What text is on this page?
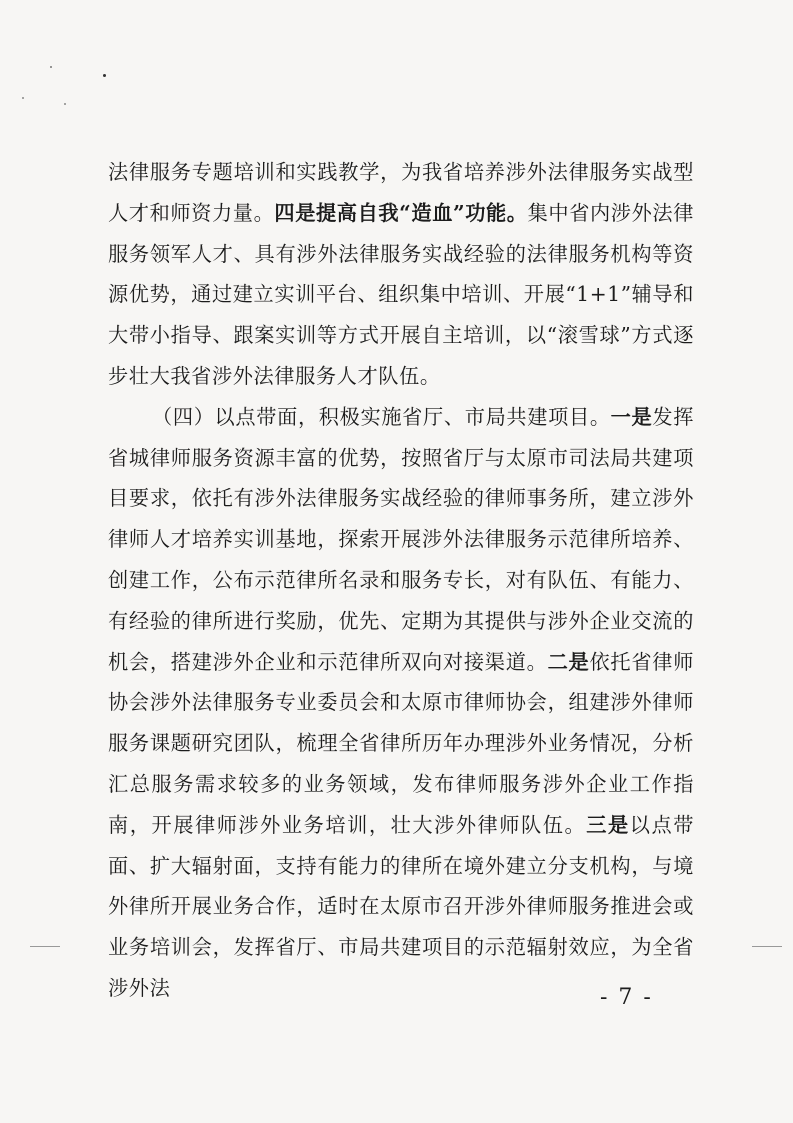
法律服务专题培训和实践教学，为我省培养涉外法律服务实战型人才和师资力量。四是提高自我“造血”功能。集中省内涉外法律服务领军人才、具有涉外法律服务实战经验的法律服务机构等资源优势，通过建立实训平台、组织集中培训、开展“1+1”辅导和大带小指导、跟案实训等方式开展自主培训，以“滚雪球”方式逐步壮大我省涉外法律服务人才队伍。

（四）以点带面，积极实施省厅、市局共建项目。一是发挥省城律师服务资源丰富的优势，按照省厅与太原市司法局共建项目要求，依托有涉外法律服务实战经验的律师事务所，建立涉外律师人才培养实训基地，探索开展涉外法律服务示范律所培养、创建工作，公布示范律所名录和服务专长，对有队伍、有能力、有经验的律所进行奖励，优先、定期为其提供与涉外企业交流的机会，搭建涉外企业和示范律所双向对接渠道。二是依托省律师协会涉外法律服务专业委员会和太原市律师协会，组建涉外律师服务课题研究团队，梳理全省律所历年办理涉外业务情况，分析汇总服务需求较多的业务领域，发布律师服务涉外企业工作指南，开展律师涉外业务培训，壮大涉外律师队伍。三是以点带面、扩大辐射面，支持有能力的律所在境外建立分支机构，与境外律所开展业务合作，适时在太原市召开涉外律师服务推进会或业务培训会，发挥省厅、市局共建项目的示范辐射效应，为全省涉外法	- 7 -
